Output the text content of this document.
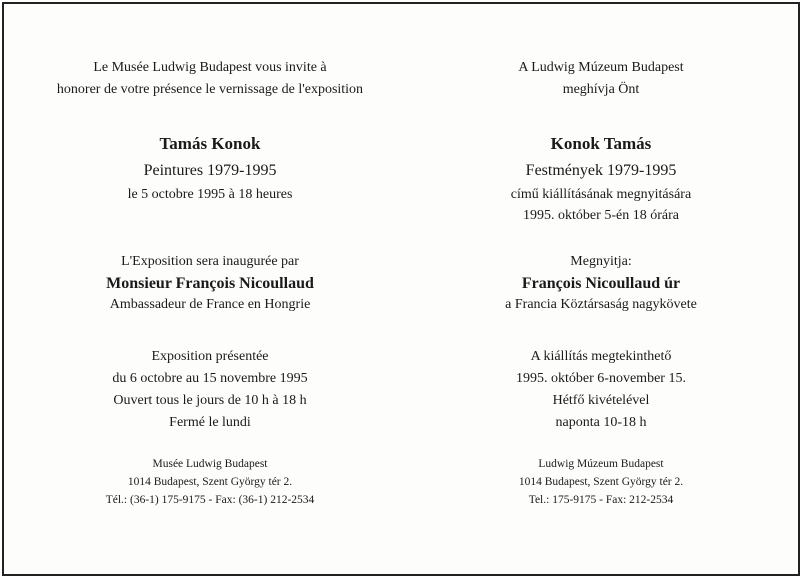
Le Musée Ludwig Budapest vous invite à
honorer de votre présence le vernissage de l'exposition
Tamás Konok
Peintures 1979-1995
le 5 octobre 1995 à 18 heures
L'Exposition sera inaugurée par
Monsieur François Nicoullaud
Ambassadeur de France en Hongrie
Exposition présentée
du 6 octobre au 15 novembre 1995
Ouvert tous le jours de 10 h à 18 h
Fermé le lundi
Musée Ludwig Budapest
1014 Budapest, Szent György tér 2.
Tél.: (36-1) 175-9175 - Fax: (36-1) 212-2534
A Ludwig Múzeum Budapest
meghívja Önt
Konok Tamás
Festmények 1979-1995
című kiállításának megnyitására
1995. október 5-én 18 órára
Megnyitja:
François Nicoullaud úr
a Francia Köztársaság nagykövete
A kiállítás megtekinthető
1995. október 6-november 15.
Hétfő kivételével
naponta 10-18 h
Ludwig Múzeum Budapest
1014 Budapest, Szent György tér 2.
Tel.: 175-9175 - Fax: 212-2534
